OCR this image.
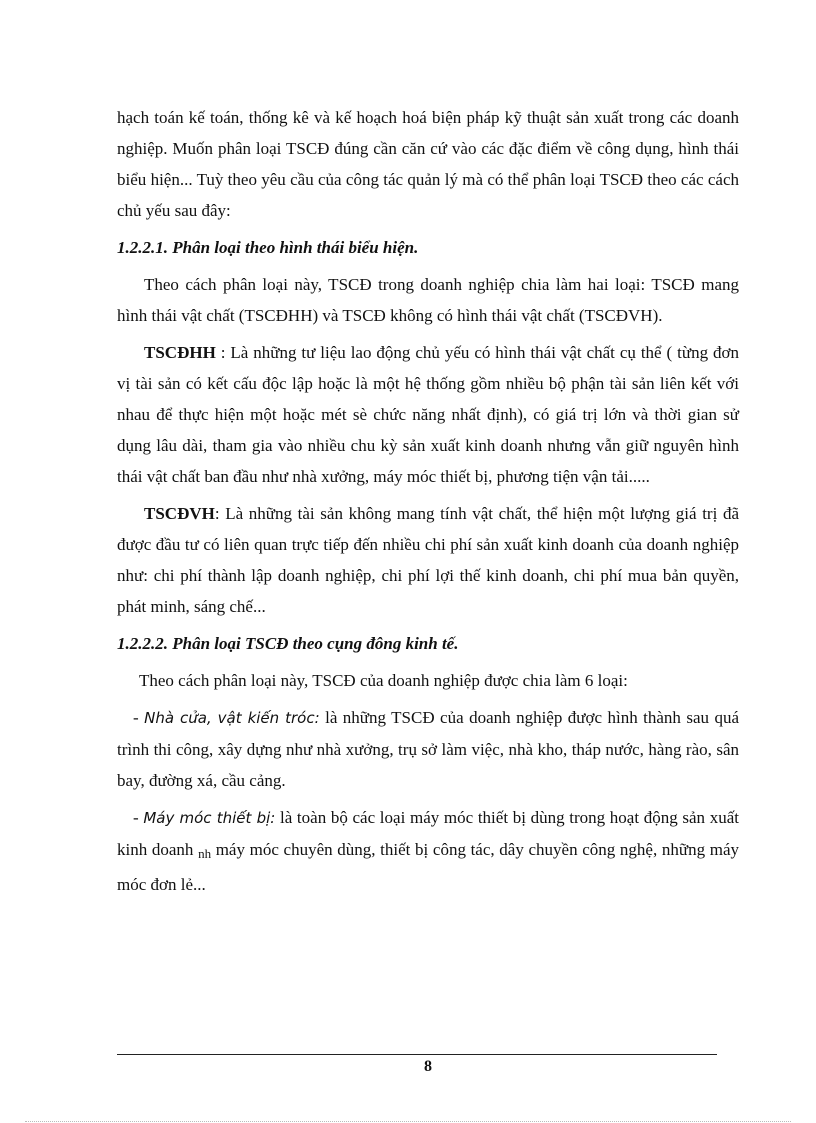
hạch toán kế toán, thống kê và kế hoạch hoá biện pháp kỹ thuật sản xuất trong các doanh nghiệp. Muốn phân loại TSCĐ đúng cần căn cứ vào các đặc điểm về công dụng, hình thái biểu hiện... Tuỳ theo yêu cầu của công tác quản lý mà có thể phân loại TSCĐ theo các cách chủ yếu sau đây:

1.2.2.1. Phân loại theo hình thái biểu hiện.

Theo cách phân loại này, TSCĐ trong doanh nghiệp chia làm hai loại: TSCĐ mang hình thái vật chất (TSCĐHH) và TSCĐ không có hình thái vật chất (TSCĐVH).

TSCĐHH : Là những tư liệu lao động chủ yếu có hình thái vật chất cụ thể ( từng đơn vị tài sản có kết cấu độc lập hoặc là một hệ thống gồm nhiều bộ phận tài sản liên kết với nhau để thực hiện một hoặc mét sè chức năng nhất định), có giá trị lớn và thời gian sử dụng lâu dài, tham gia vào nhiều chu kỳ sản xuất kinh doanh nhưng vẫn giữ nguyên hình thái vật chất ban đầu như nhà xưởng, máy móc thiết bị, phương tiện vận tải.....

TSCĐVH: Là những tài sản không mang tính vật chất, thể hiện một lượng giá trị đã được đầu tư có liên quan trực tiếp đến nhiều chi phí sản xuất kinh doanh của doanh nghiệp như: chi phí thành lập doanh nghiệp, chi phí lợi thế kinh doanh, chi phí mua bản quyền, phát minh, sáng chế...

1.2.2.2. Phân loại TSCĐ theo cụng đông kinh tế.

Theo cách phân loại này, TSCĐ của doanh nghiệp được chia làm 6 loại:

- Nhà cửa, vật kiến tróc: là những TSCĐ của doanh nghiệp được hình thành sau quá trình thi công, xây dựng như nhà xưởng, trụ sở làm việc, nhà kho, tháp nước, hàng rào, sân bay, đường xá, cầu cảng.

- Máy móc thiết bị: là toàn bộ các loại máy móc thiết bị dùng trong hoạt động sản xuất kinh doanh nh máy móc chuyên dùng, thiết bị công tác, dây chuyền công nghệ, những máy móc đơn lẻ...

8
